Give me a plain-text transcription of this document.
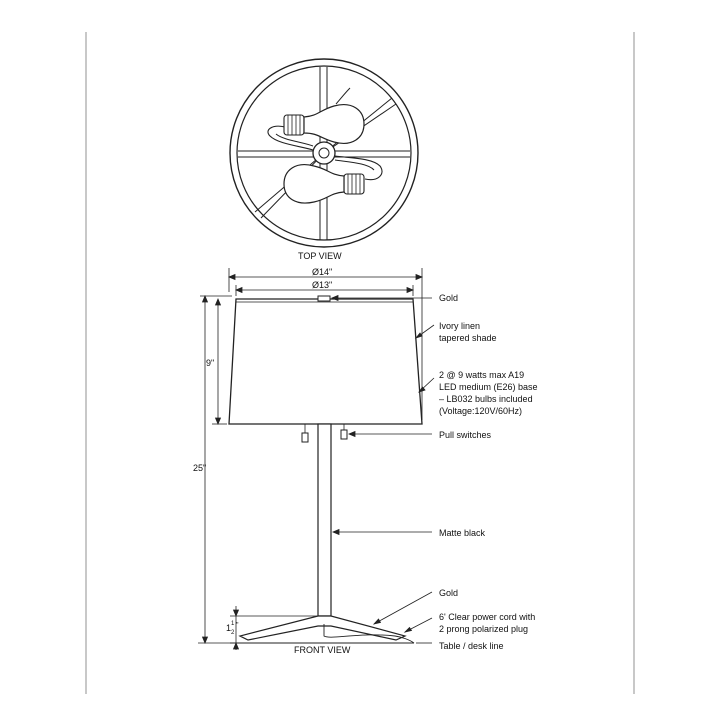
TOP VIEW
Ø14"
Ø13"
9"
25"
1 1
2
"
Gold
Ivory linen
tapered shade
2 @ 9 watts max A19
LED medium (E26) base
– LB032 bulbs included
(Voltage:120V/60Hz)
Pull switches
Matte black
Gold
6' Clear power cord with
2 prong polarized plug
Table / desk line
FRONT VIEW
